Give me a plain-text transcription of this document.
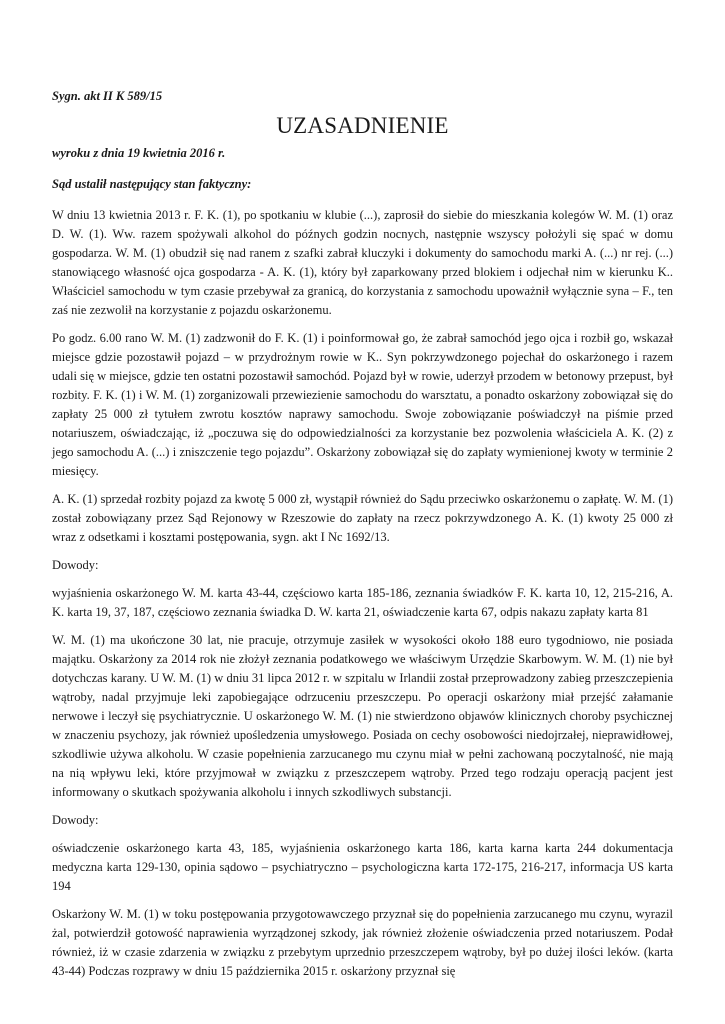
Sygn. akt II K 589/15
UZASADNIENIE
wyroku z dnia 19 kwietnia 2016 r.
Sąd ustalił następujący stan faktyczny:

W dniu 13 kwietnia 2013 r. F. K. (1), po spotkaniu w klubie (...), zaprosił do siebie do mieszkania kolegów W. M. (1) oraz D. W. (1). Ww. razem spożywali alkohol do późnych godzin nocnych, następnie wszyscy położyli się spać w domu gospodarza. W. M. (1) obudził się nad ranem z szafki zabrał kluczyki i dokumenty do samochodu marki A. (...) nr rej. (...) stanowiącego własność ojca gospodarza - A. K. (1), który był zaparkowany przed blokiem i odjechał nim w kierunku K.. Właściciel samochodu w tym czasie przebywał za granicą, do korzystania z samochodu upoważnił wyłącznie syna – F., ten zaś nie zezwolił na korzystanie z pojazdu oskarżonemu.

Po godz. 6.00 rano W. M. (1) zadzwonił do F. K. (1) i poinformował go, że zabrał samochód jego ojca i rozbił go, wskazał miejsce gdzie pozostawił pojazd – w przydrożnym rowie w K.. Syn pokrzywdzonego pojechał do oskarżonego i razem udali się w miejsce, gdzie ten ostatni pozostawił samochód. Pojazd był w rowie, uderzył przodem w betonowy przepust, był rozbity. F. K. (1) i W. M. (1) zorganizowali przewiezienie samochodu do warsztatu, a ponadto oskarżony zobowiązał się do zapłaty 25 000 zł tytułem zwrotu kosztów naprawy samochodu. Swoje zobowiązanie poświadczył na piśmie przed notariuszem, oświadczając, iż „poczuwa się do odpowiedzialności za korzystanie bez pozwolenia właściciela A. K. (2) z jego samochodu A. (...) i zniszczenie tego pojazdu”. Oskarżony zobowiązał się do zapłaty wymienionej kwoty w terminie 2 miesięcy.

A. K. (1) sprzedał rozbity pojazd za kwotę 5 000 zł, wystąpił również do Sądu przeciwko oskarżonemu o zapłatę. W. M. (1) został zobowiązany przez Sąd Rejonowy w Rzeszowie do zapłaty na rzecz pokrzywdzonego A. K. (1) kwoty 25 000 zł wraz z odsetkami i kosztami postępowania, sygn. akt I Nc 1692/13.

Dowody:

wyjaśnienia oskarżonego W. M. karta 43-44, częściowo karta 185-186, zeznania świadków F. K. karta 10, 12, 215-216, A. K. karta 19, 37, 187, częściowo zeznania świadka D. W. karta 21, oświadczenie karta 67, odpis nakazu zapłaty karta 81

W. M. (1) ma ukończone 30 lat, nie pracuje, otrzymuje zasiłek w wysokości około 188 euro tygodniowo, nie posiada majątku. Oskarżony za 2014 rok nie złożył zeznania podatkowego we właściwym Urzędzie Skarbowym. W. M. (1) nie był dotychczas karany. U W. M. (1) w dniu 31 lipca 2012 r. w szpitalu w Irlandii został przeprowadzony zabieg przeszczepienia wątroby, nadal przyjmuje leki zapobiegające odrzuceniu przeszczepu. Po operacji oskarżony miał przejść załamanie nerwowe i leczył się psychiatrycznie. U oskarżonego W. M. (1) nie stwierdzono objawów klinicznych choroby psychicznej w znaczeniu psychozy, jak również upośledzenia umysłowego. Posiada on cechy osobowości niedojrzałej, nieprawidłowej, szkodliwie używa alkoholu. W czasie popełnienia zarzucanego mu czynu miał w pełni zachowaną poczytalność, nie mają na nią wpływu leki, które przyjmował w związku z przeszczepem wątroby. Przed tego rodzaju operacją pacjent jest informowany o skutkach spożywania alkoholu i innych szkodliwych substancji.

Dowody:

oświadczenie oskarżonego karta 43, 185, wyjaśnienia oskarżonego karta 186, karta karna karta 244 dokumentacja medyczna karta 129-130, opinia sądowo – psychiatryczno – psychologiczna karta 172-175, 216-217, informacja US karta 194

Oskarżony W. M. (1) w toku postępowania przygotowawczego przyznał się do popełnienia zarzucanego mu czynu, wyrazil żal, potwierdził gotowość naprawienia wyrządzonej szkody, jak również złożenie oświadczenia przed notariuszem. Podał również, iż w czasie zdarzenia w związku z przebytym uprzednio przeszczepem wątroby, był po dużej ilości leków. (karta 43-44) Podczas rozprawy w dniu 15 października 2015 r. oskarżony przyznał się
